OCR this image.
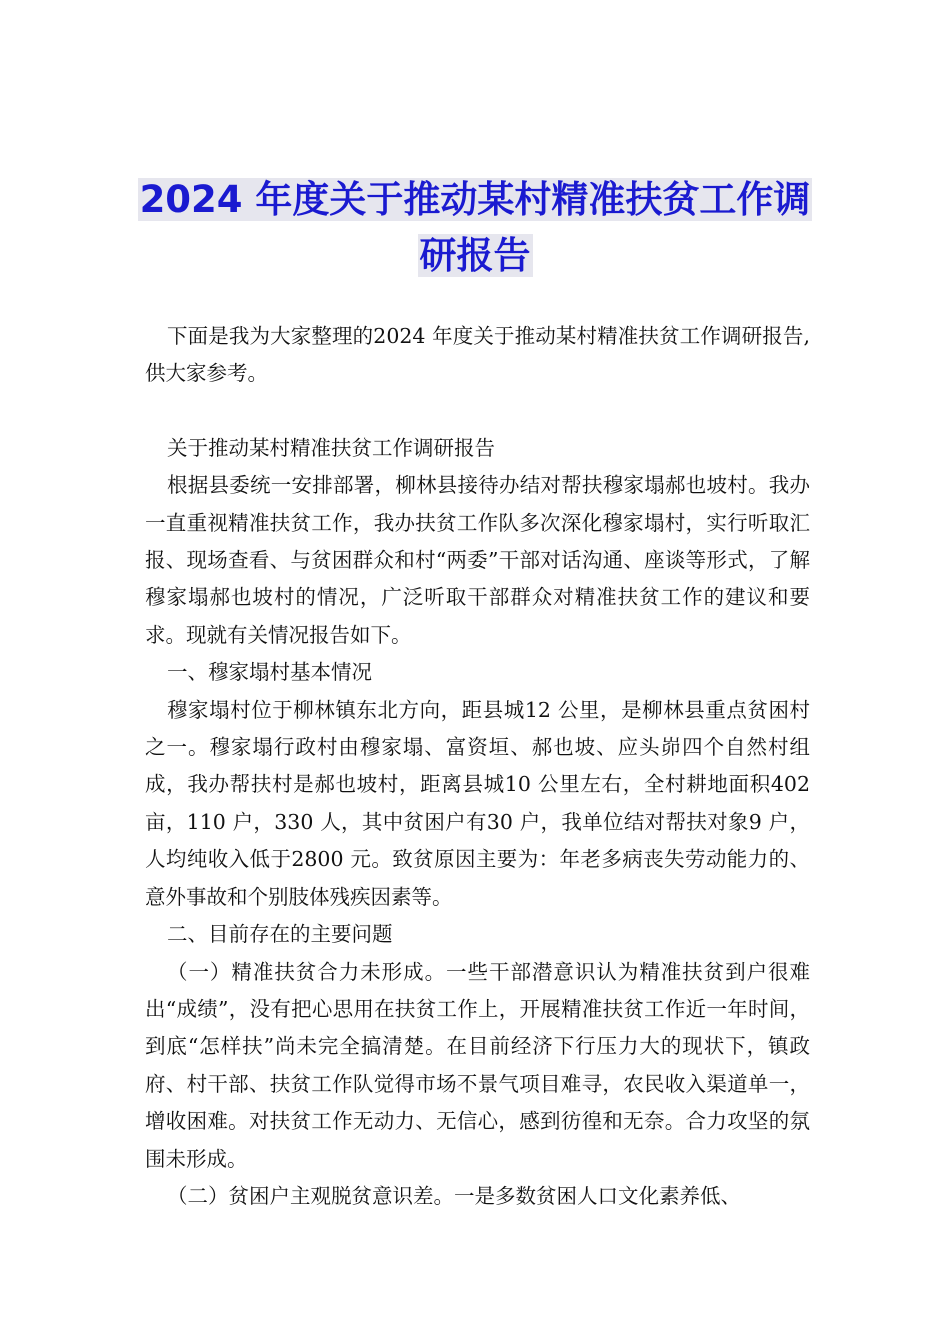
2024 年度关于推动某村精准扶贫工作调
研报告

下面是我为大家整理的2024 年度关于推动某村精准扶贫工作调研报告,供大家参考。

关于推动某村精准扶贫工作调研报告

根据县委统一安排部署，柳林县接待办结对帮扶穆家塌郝也坡村。我办一直重视精准扶贫工作，我办扶贫工作队多次深化穆家塌村，实行听取汇报、现场查看、与贫困群众和村“两委”干部对话沟通、座谈等形式，了解穆家塌郝也坡村的情况，广泛听取干部群众对精准扶贫工作的建议和要求。现就有关情况报告如下。

一、穆家塌村基本情况

穆家塌村位于柳林镇东北方向，距县城12 公里，是柳林县重点贫困村之一。穆家塌行政村由穆家塌、富资垣、郝也坡、应头峁四个自然村组成，我办帮扶村是郝也坡村，距离县城10 公里左右，全村耕地面积402 亩，110 户，330 人，其中贫困户有30 户，我单位结对帮扶对象9 户，人均纯收入低于2800 元。致贫原因主要为：年老多病丧失劳动能力的、意外事故和个别肢体残疾因素等。

二、目前存在的主要问题

（一）精准扶贫合力未形成。一些干部潜意识认为精准扶贫到户很难出“成绩”，没有把心思用在扶贫工作上，开展精准扶贫工作近一年时间，到底“怎样扶”尚未完全搞清楚。在目前经济下行压力大的现状下，镇政府、村干部、扶贫工作队觉得市场不景气项目难寻，农民收入渠道单一，增收困难。对扶贫工作无动力、无信心，感到彷徨和无奈。合力攻坚的氛围未形成。

（二）贫困户主观脱贫意识差。一是多数贫困人口文化素养低、
